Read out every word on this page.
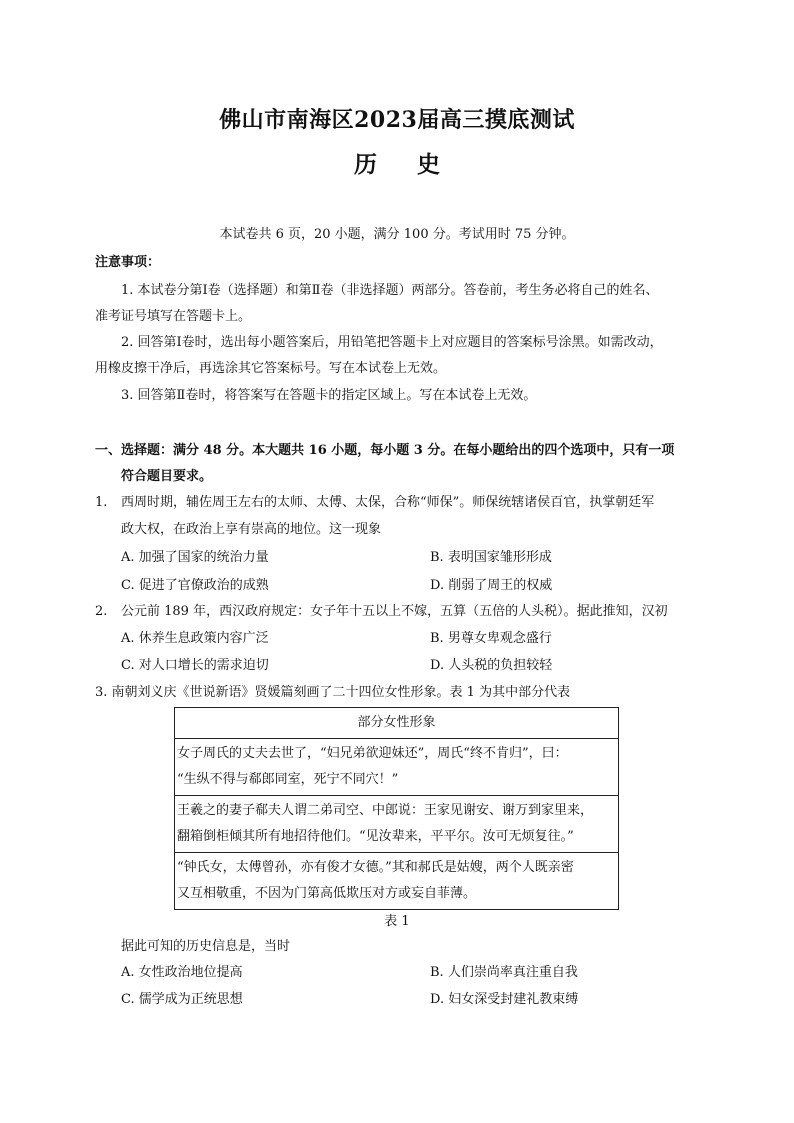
佛山市南海区2023届高三摸底测试
历 史
本试卷共 6 页，20 小题，满分 100 分。考试用时 75 分钟。
注意事项：
1. 本试卷分第Ⅰ卷（选择题）和第Ⅱ卷（非选择题）两部分。答卷前，考生务必将自己的姓名、
准考证号填写在答题卡上。
2. 回答第Ⅰ卷时，选出每小题答案后，用铅笔把答题卡上对应题目的答案标号涂黑。如需改动，
用橡皮擦干净后，再选涂其它答案标号。写在本试卷上无效。
3. 回答第Ⅱ卷时，将答案写在答题卡的指定区域上。写在本试卷上无效。
一、选择题：满分 48 分。本大题共 16 小题，每小题 3 分。在每小题给出的四个选项中，只有一项
符合题目要求。
1. 西周时期，辅佐周王左右的太师、太傅、太保，合称“师保”。师保统辖诸侯百官，执掌朝廷军
政大权，在政治上享有崇高的地位。这一现象
A. 加强了国家的统治力量	B. 表明国家雏形形成
C. 促进了官僚政治的成熟	D. 削弱了周王的权威
2. 公元前 189 年，西汉政府规定：女子年十五以上不嫁，五算（五倍的人头税）。据此推知，汉初
A. 休养生息政策内容广泛	B. 男尊女卑观念盛行
C. 对人口增长的需求迫切	D. 人头税的负担较轻
3. 南朝刘义庆《世说新语》贤媛篇刻画了二十四位女性形象。表 1 为其中部分代表
部分女性形象

女子周氏的丈夫去世了，“妇兄弟欲迎妹还”，周氏“终不肯归”，曰：
“生纵不得与郗郎同室，死宁不同穴！”

王羲之的妻子郗夫人谓二弟司空、中郎说：王家见谢安、谢万到家里来，
翻箱倒柜倾其所有地招待他们。“见汝辈来，平平尔。汝可无烦复往。”

“钟氏女，太傅曾孙，亦有俊才女德。”其和郝氏是姑嫂，两个人既亲密
又互相敬重，不因为门第高低欺压对方或妄自菲薄。
表 1
据此可知的历史信息是，当时
A. 女性政治地位提高	B. 人们崇尚率真注重自我
C. 儒学成为正统思想	D. 妇女深受封建礼教束缚
